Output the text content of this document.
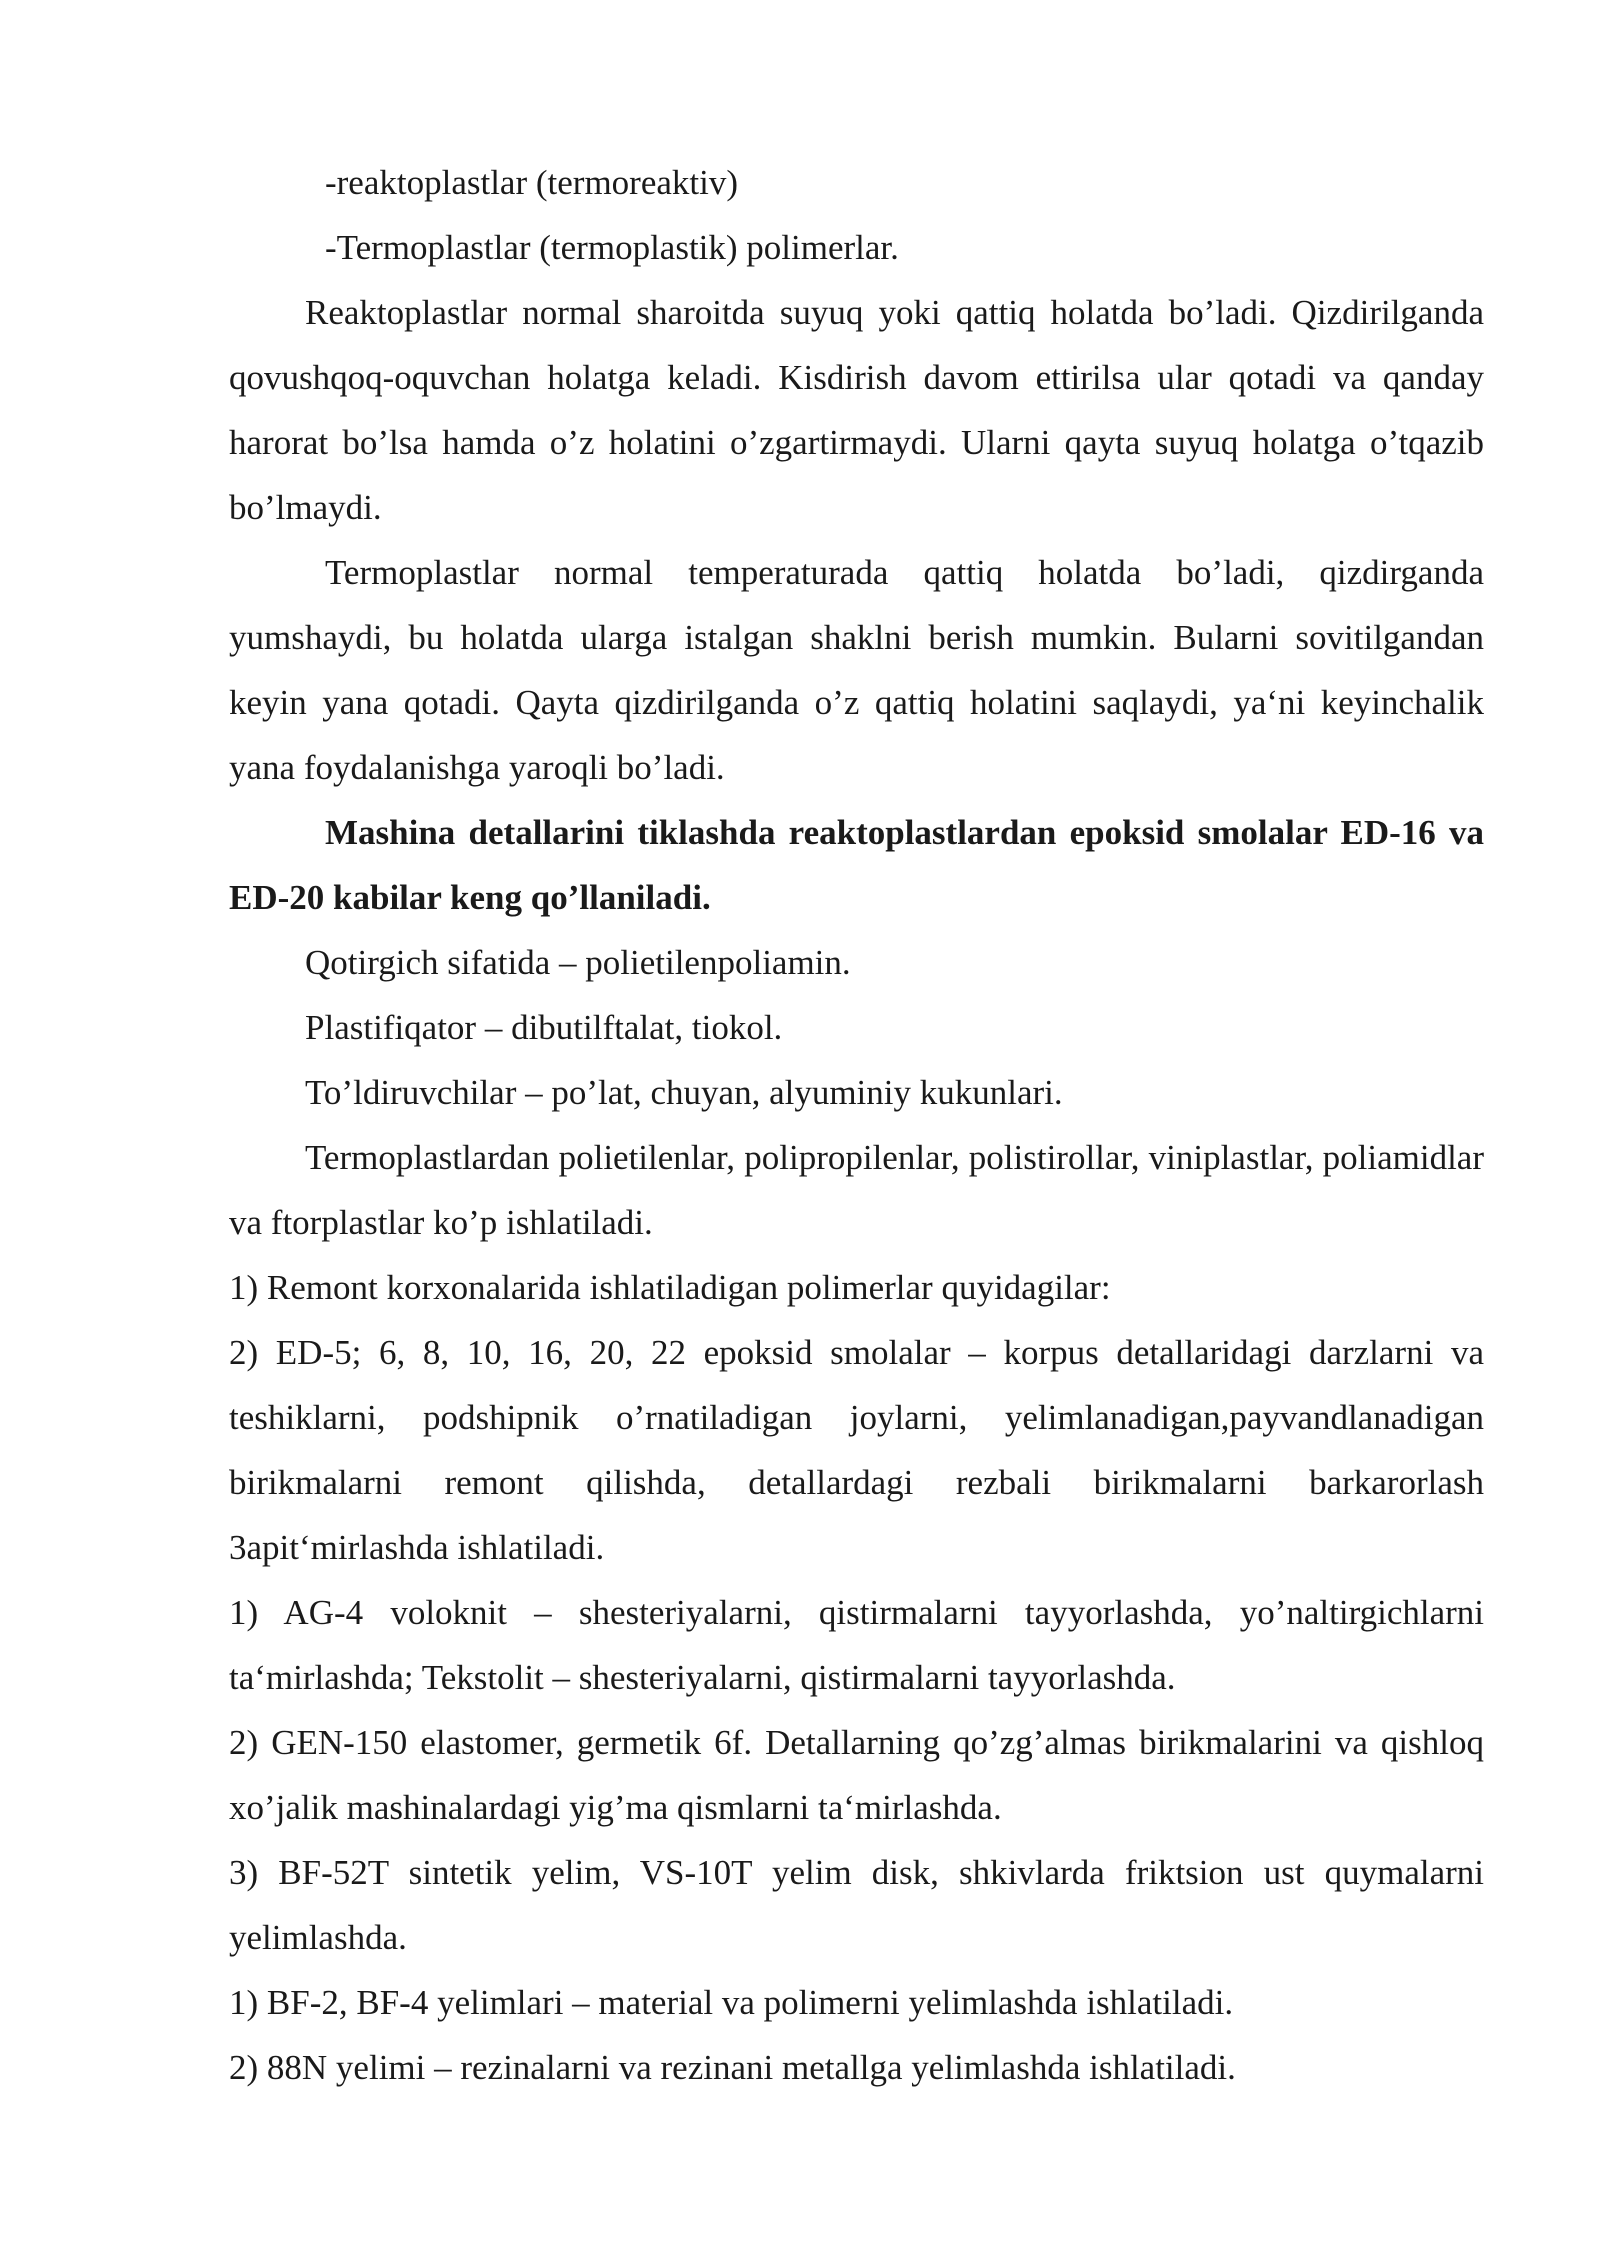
-reaktoplastlar (termoreaktiv)

-Termoplastlar (termoplastik) polimerlar.

Reaktoplastlar normal sharoitda suyuq yoki qattiq holatda bo’ladi. Qizdirilganda qovushqoq-oquvchan holatga keladi. Kisdirish davom ettirilsa ular qotadi va qanday harorat bo’lsa hamda o’z holatini o’zgartirmaydi. Ularni qayta suyuq holatga o’tqazib bo’lmaydi.

Termoplastlar normal temperaturada qattiq holatda bo’ladi, qizdirganda yumshaydi, bu holatda ularga istalgan shaklni berish mumkin. Bularni sovitilgandan keyin yana qotadi. Qayta qizdirilganda o’z qattiq holatini saqlaydi, ya‘ni keyinchalik yana foydalanishga yaroqli bo’ladi.

Mashina detallarini tiklashda reaktoplastlardan epoksid smolalar ED-16 va ED-20 kabilar keng qo’llaniladi.

Qotirgich sifatida – polietilenpoliamin.

Plastifiqator – dibutilftalat, tiokol.

To’ldiruvchilar – po’lat, chuyan, alyuminiy kukunlari.

Termoplastlardan polietilenlar, polipropilenlar, polistirollar, viniplastlar, poliamidlar va ftorplastlar ko’p ishlatiladi.

1) Remont korxonalarida ishlatiladigan polimerlar quyidagilar:

2) ED-5; 6, 8, 10, 16, 20, 22 epoksid smolalar – korpus detallaridagi darzlarni va teshiklarni, podshipnik o’rnatiladigan joylarni, yelimlanadigan,payvandlanadigan birikmalarni remont qilishda, detallardagi rezbali birikmalarni barkarorlash 3apit‘mirlashda ishlatiladi.

1) AG-4 voloknit – shesteriyalarni, qistirmalarni tayyorlashda, yo’naltirgichlarni ta‘mirlashda; Tekstolit – shesteriyalarni, qistirmalarni tayyorlashda.

2) GEN-150 elastomer, germetik 6f. Detallarning qo’zg’almas birikmalarini va qishloq xo’jalik mashinalardagi yig’ma qismlarni ta‘mirlashda.

3) BF-52T sintetik yelim, VS-10T yelim disk, shkivlarda friktsion ust quymalarni yelimlashda.

1) BF-2, BF-4 yelimlari – material va polimerni yelimlashda ishlatiladi.

2) 88N yelimi – rezinalarni va rezinani metallga yelimlashda ishlatiladi.
